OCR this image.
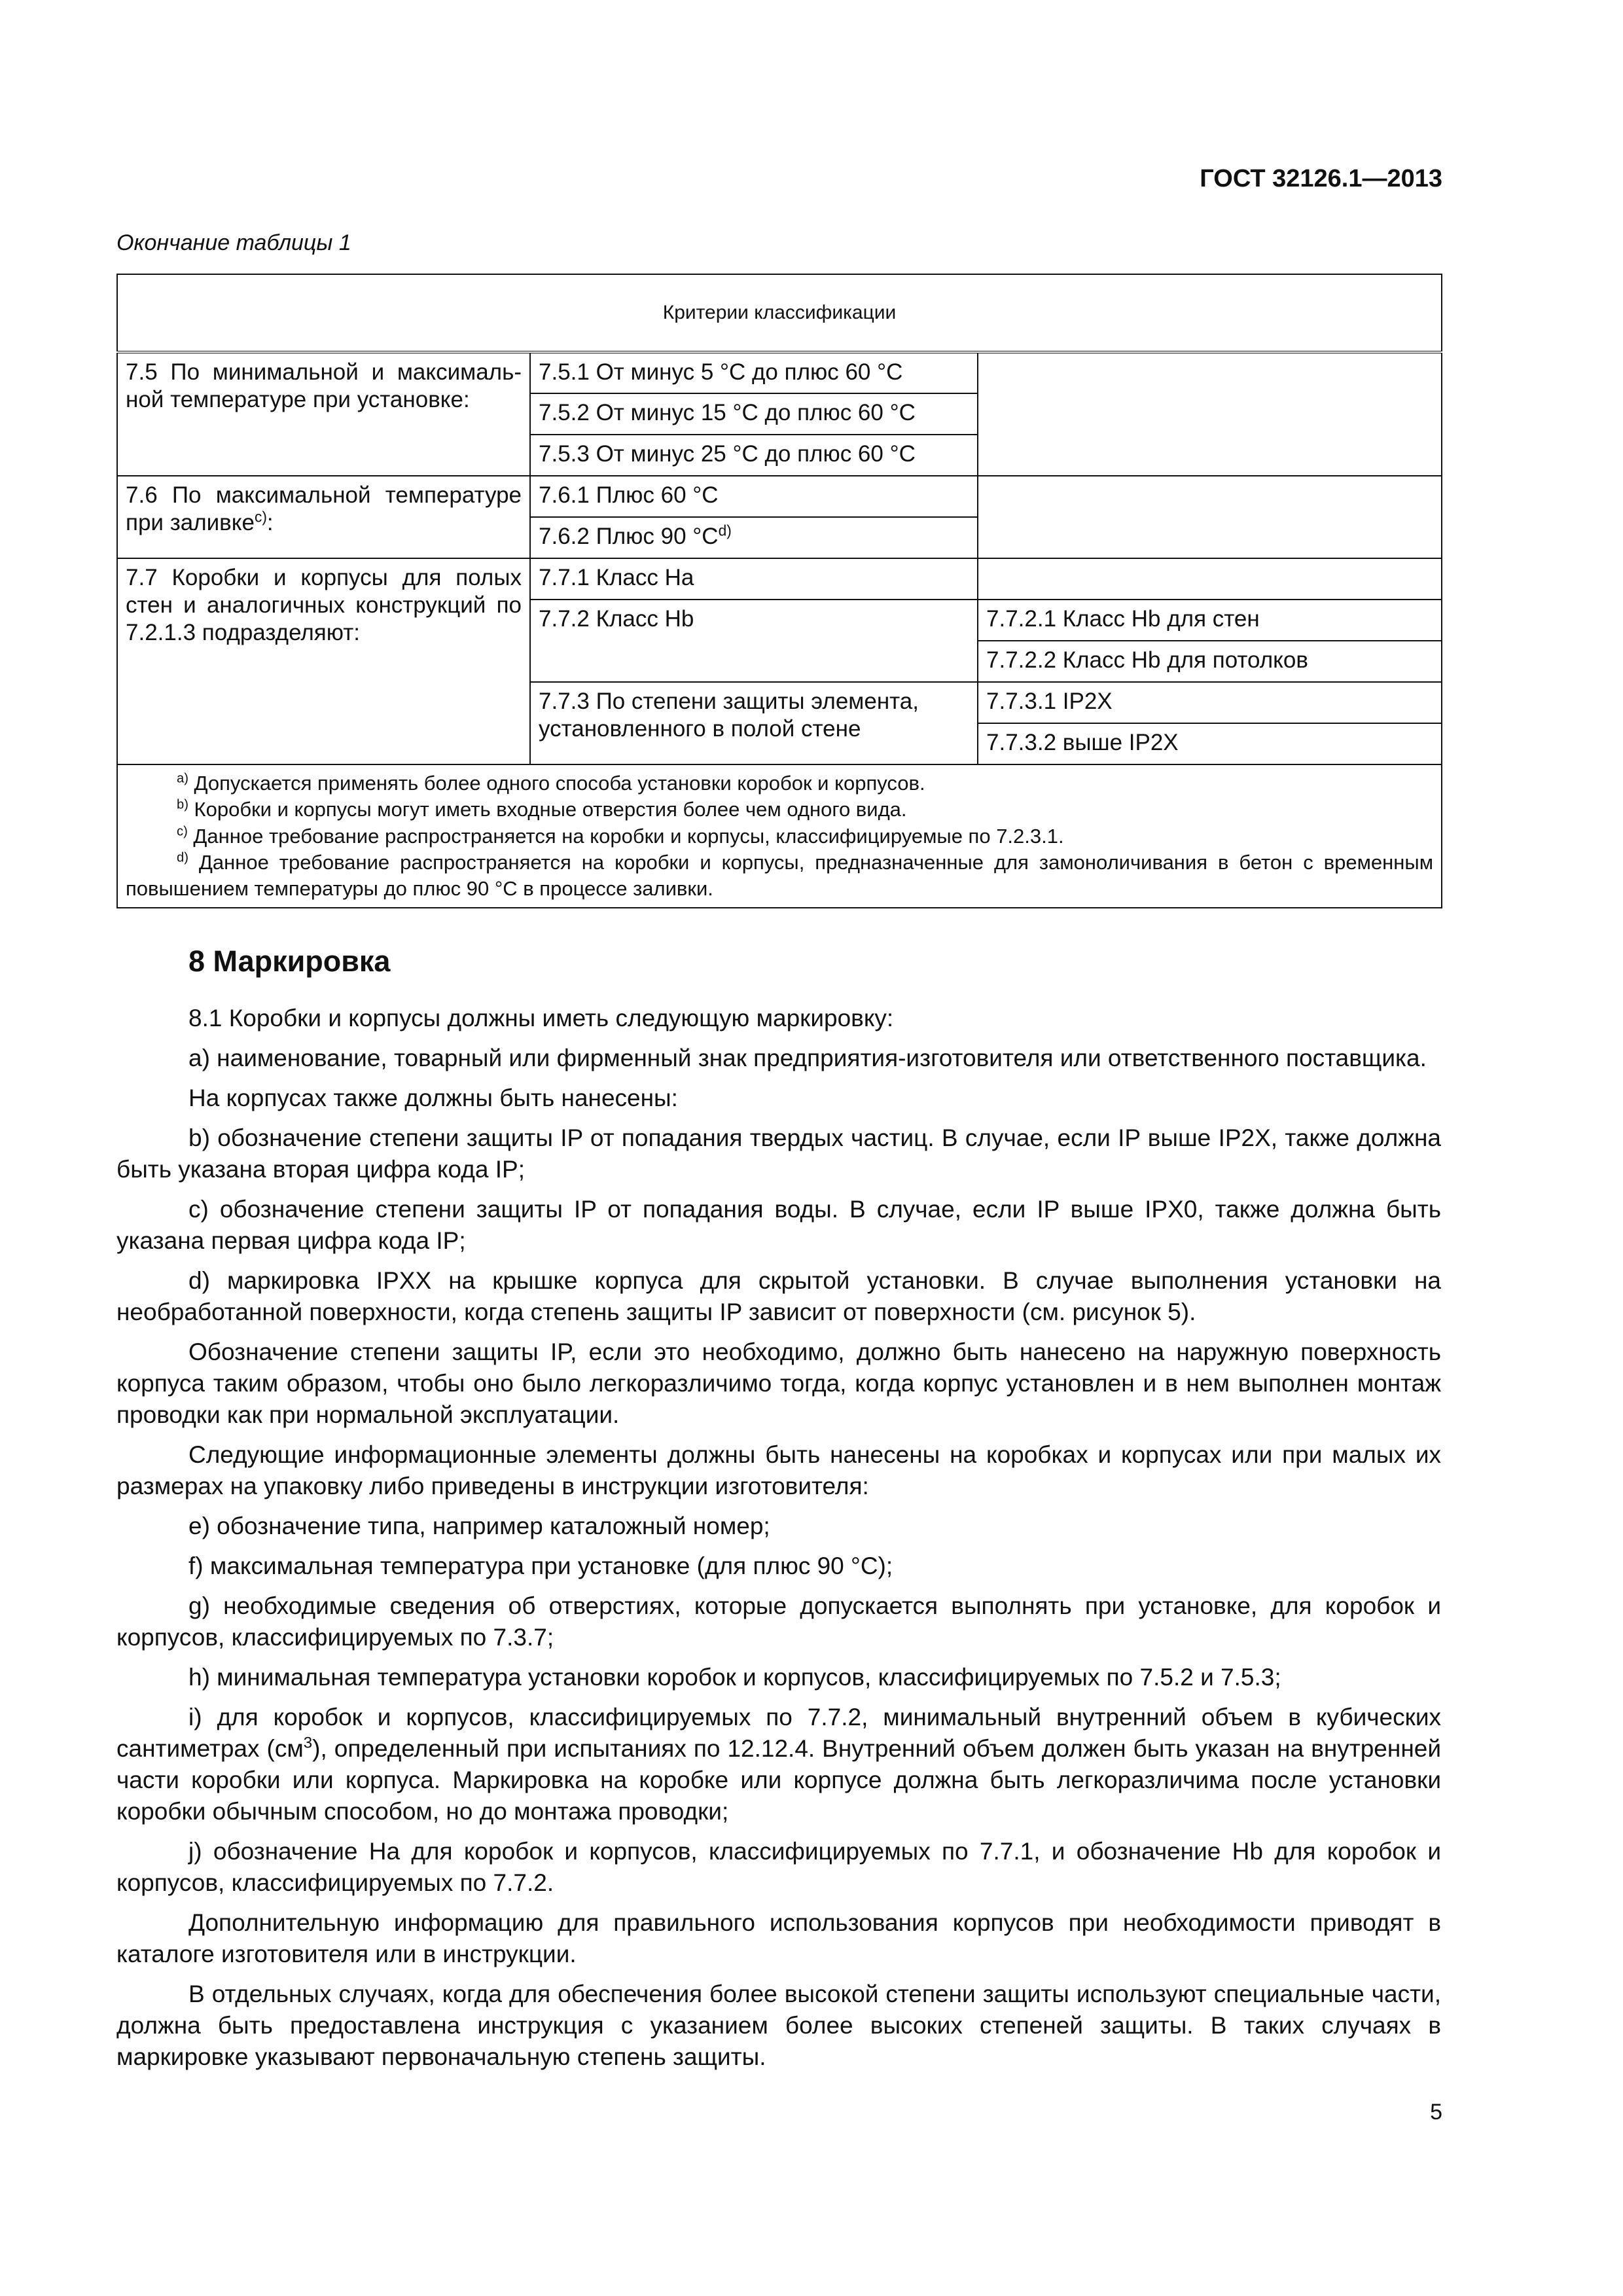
ГОСТ 32126.1—2013
Окончание таблицы 1
Критерии классификации		
7.5 По минимальной и максималь-ной температуре при установке:	7.5.1 От минус 5 °С до плюс 60 °С	
	7.5.2 От минус 15 °С до плюс 60 °С	
	7.5.3 От минус 25 °С до плюс 60 °С	
7.6 По максимальной температуре при заливке$^{c)}$:	7.6.1 Плюс 60 °С	
	7.6.2 Плюс 90 $^\circ С^{d)}$
7.7 Коробки и корпусы для полых стен и аналогичных конструкций по 7.2.1.3 подразделяют:	7.7.1 Класс На	
	7.7.2 Класс Hb	7.7.2.1 Класс Hb для стен
		7.7.2.2 Класс Hb для потолков
	7.7.3 По степени защиты элемента, установленного в полой стене	7.7.3.1 IP2X
		7.7.3.2 выше IP2X

$^{a)}$ Допускается применять более одного способа установки коробок и корпусов.
$^{b)}$ Коробки и корпусы могут иметь входные отверстия более чем одного вида.
$^{c)}$ Данное требование распространяется на коробки и корпусы, классифицируемые по 7.2.3.1.
$^{d)}$ Данное требование распространяется на коробки и корпусы, предназначенные для замоноличивания в бетон с временным повышением температуры до плюс 90 °С в процессе заливки.		
8 Маркировка

8.1 Коробки и корпусы должны иметь следующую маркировку:

a) наименование, товарный или фирменный знак предприятия-изготовителя или ответственного поставщика.

На корпусах также должны быть нанесены:

b) обозначение степени защиты IP от попадания твердых частиц. В случае, если IP выше IP2X, также должна быть указана вторая цифра кода IP;

c) обозначение степени защиты IP от попадания воды. В случае, если IP выше IPX0, также должна быть указана первая цифра кода IP;

d) маркировка IPXX на крышке корпуса для скрытой установки. В случае выполнения установки на необработанной поверхности, когда степень защиты IP зависит от поверхности (см. рисунок 5).

Обозначение степени защиты IP, если это необходимо, должно быть нанесено на наружную поверхность корпуса таким образом, чтобы оно было легкоразличимо тогда, когда корпус установлен и в нем выполнен монтаж проводки как при нормальной эксплуатации.

Следующие информационные элементы должны быть нанесены на коробках и корпусах или при малых их размерах на упаковку либо приведены в инструкции изготовителя:

e) обозначение типа, например каталожный номер;

f) максимальная температура при установке (для плюс 90 °С);

g) необходимые сведения об отверстиях, которые допускается выполнять при установке, для коробок и корпусов, классифицируемых по 7.3.7;

h) минимальная температура установки коробок и корпусов, классифицируемых по 7.5.2 и 7.5.3;

i) для коробок и корпусов, классифицируемых по 7.7.2, минимальный внутренний объем в кубических сантиметрах $(см^3)$, определенный при испытаниях по 12.12.4. Внутренний объем должен быть указан на внутренней части коробки или корпуса. Маркировка на коробке или корпусе должна быть легкоразличима после установки коробки обычным способом, но до монтажа проводки;

j) обозначение На для коробок и корпусов, классифицируемых по 7.7.1, и обозначение Hb для коробок и корпусов, классифицируемых по 7.7.2.

Дополнительную информацию для правильного использования корпусов при необходимости приводят в каталоге изготовителя или в инструкции.

В отдельных случаях, когда для обеспечения более высокой степени защиты используют специальные части, должна быть предоставлена инструкция с указанием более высоких степеней защиты. В таких случаях в маркировке указывают первоначальную степень защиты.

5
